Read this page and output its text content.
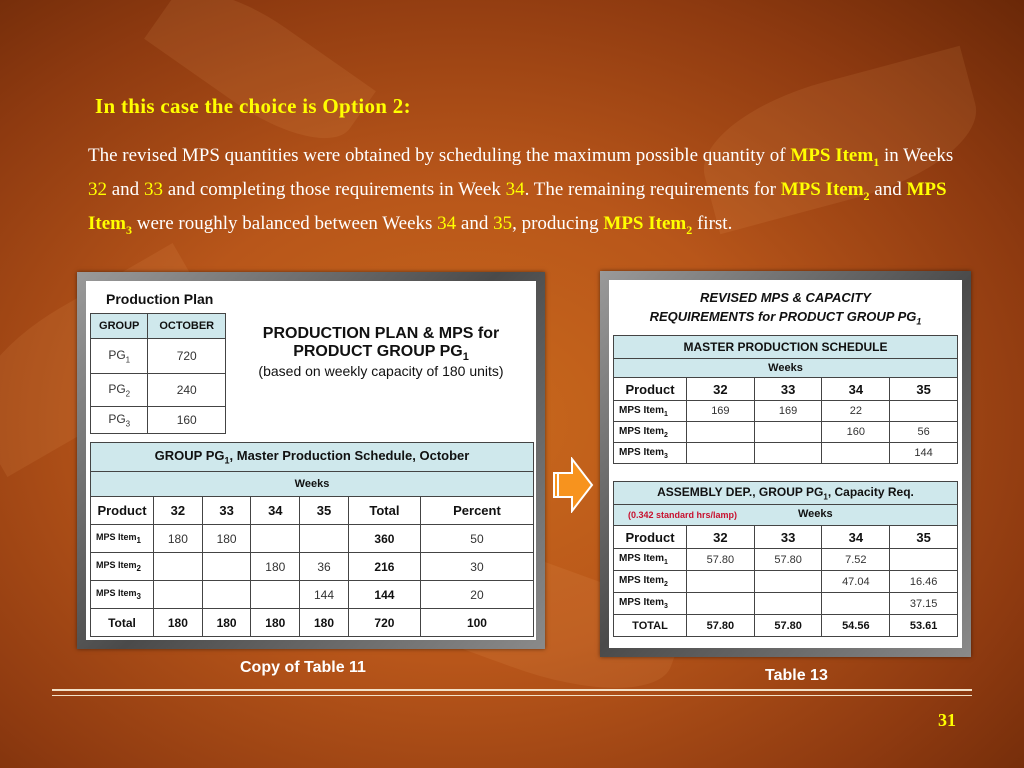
In this case the choice is Option 2:
The revised MPS quantities were obtained by scheduling the maximum possible quantity of MPS Item$_1$ in Weeks 32 and 33 and completing those requirements in Week 34. The remaining requirements for MPS Item$_2$ and MPS Item$_3$ were roughly balanced between Weeks 34 and 35, producing MPS Item$_2$ first.
Production Plan
GROUP	OCTOBER
$PG_1$	720
$PG_2$	240
$PG_3$	160
PRODUCTION PLAN & MPS for
PRODUCT GROUP $PG_1$
(based on weekly capacity of 180 units)
GROUP $PG_1$, Master Production Schedule, October						
Weeks						
Product	32	33	34	35	Total	Percent
MPS Item$_1$	180	180			360	50
MPS Item$_2$			180	36	216	30
MPS Item$_3$				144	144	20
Total	180	180	180	180	720	100
Copy of Table 11
REVISED MPS & CAPACITY
REQUIREMENTS for PRODUCT GROUP $PG_1$
MASTER PRODUCTION SCHEDULE				
Weeks				
Product	32	33	34	35
MPS Item$_1$	169	169	22	
MPS Item$_2$			160	56
MPS Item$_3$				144
ASSEMBLY DEP., GROUP $PG_1$, Capacity Req.				

(0.342 standard hrs/lamp) Weeks				

Product	32	33	34	35
MPS Item$_1$	57.80	57.80	7.52	
MPS Item$_2$			47.04	16.46
MPS Item$_3$				37.15
TOTAL	57.80	57.80	54.56	53.61
Table 13
31
